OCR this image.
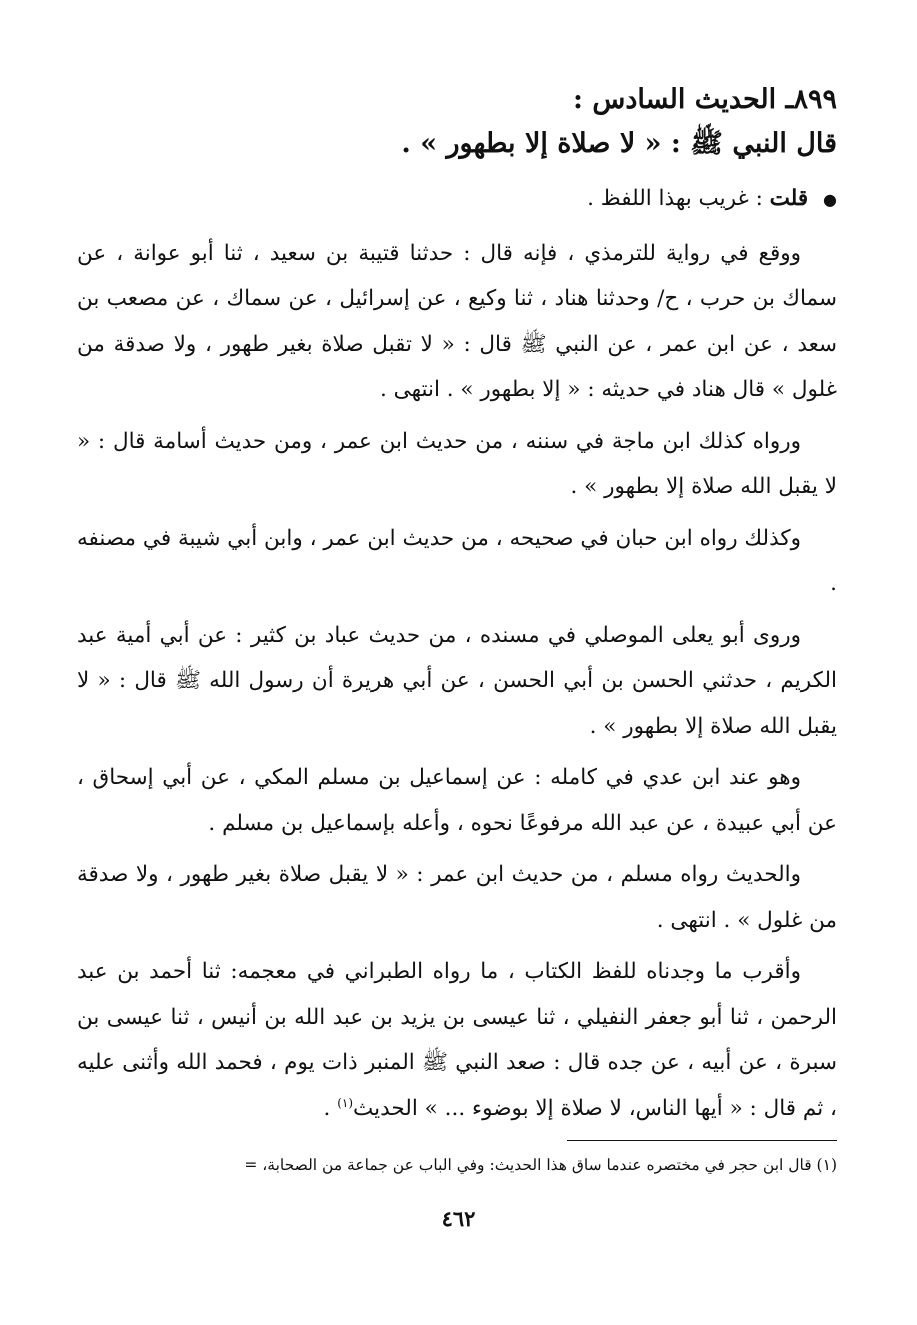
٨٩٩ـ الحديث السادس :

قال النبي ﷺ : « لا صلاة إلا بطهور » .

● قلت : غريب بهذا اللفظ .

ووقع في رواية للترمذي ، فإنه قال : حدثنا قتيبة بن سعيد ، ثنا أبو عوانة ، عن سماك بن حرب ، ح/ وحدثنا هناد ، ثنا وكيع ، عن إسرائيل ، عن سماك ، عن مصعب بن سعد ، عن ابن عمر ، عن النبي ﷺ قال : « لا تقبل صلاة بغير طهور ، ولا صدقة من غلول » قال هناد في حديثه : « إلا بطهور » . انتهى .

ورواه كذلك ابن ماجة في سننه ، من حديث ابن عمر ، ومن حديث أسامة قال : « لا يقبل الله صلاة إلا بطهور » .

وكذلك رواه ابن حبان في صحيحه ، من حديث ابن عمر ، وابن أبي شيبة في مصنفه .

وروى أبو يعلى الموصلي في مسنده ، من حديث عباد بن كثير : عن أبي أمية عبد الكريم ، حدثني الحسن بن أبي الحسن ، عن أبي هريرة أن رسول الله ﷺ قال : « لا يقبل الله صلاة إلا بطهور » .

وهو عند ابن عدي في كامله : عن إسماعيل بن مسلم المكي ، عن أبي إسحاق ، عن أبي عبيدة ، عن عبد الله مرفوعًا نحوه ، وأعله بإسماعيل بن مسلم .

والحديث رواه مسلم ، من حديث ابن عمر : « لا يقبل صلاة بغير طهور ، ولا صدقة من غلول » . انتهى .

وأقرب ما وجدناه للفظ الكتاب ، ما رواه الطبراني في معجمه: ثنا أحمد بن عبد الرحمن ، ثنا أبو جعفر النفيلي ، ثنا عيسى بن يزيد بن عبد الله بن أنيس ، ثنا عيسى بن سبرة ، عن أبيه ، عن جده قال : صعد النبي ﷺ المنبر ذات يوم ، فحمد الله وأثنى عليه ، ثم قال : « أيها الناس، لا صلاة إلا بوضوء ... » الحديث$^{(١)}$ .

(١) قال ابن حجر في مختصره عندما ساق هذا الحديث: وفي الباب عن جماعة من الصحابة، =
٤٦٢
